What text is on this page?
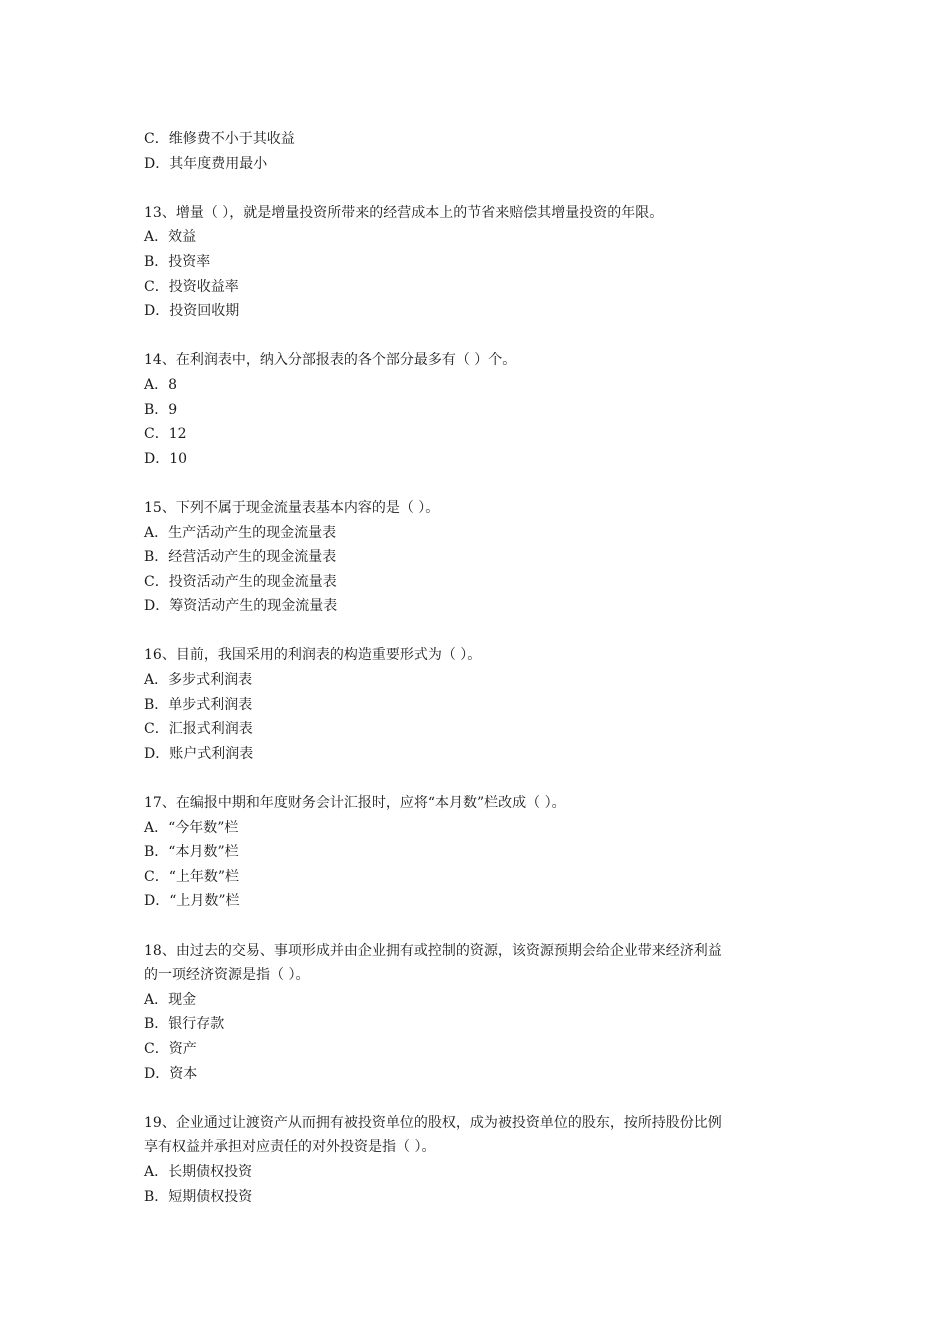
C．维修费不小于其收益
D．其年度费用最小
13、增量（ ），就是增量投资所带来的经营成本上的节省来赔偿其增量投资的年限。
A．效益
B．投资率
C．投资收益率
D．投资回收期
14、在利润表中，纳入分部报表的各个部分最多有（ ）个。
A．8
B．9
C．12
D．10
15、下列不属于现金流量表基本内容的是（ ）。
A．生产活动产生的现金流量表
B．经营活动产生的现金流量表
C．投资活动产生的现金流量表
D．筹资活动产生的现金流量表
16、目前，我国采用的利润表的构造重要形式为（ ）。
A．多步式利润表
B．单步式利润表
C．汇报式利润表
D．账户式利润表
17、在编报中期和年度财务会计汇报时，应将“本月数”栏改成（ ）。
A．“今年数”栏
B．“本月数”栏
C．“上年数”栏
D．“上月数”栏
18、由过去的交易、事项形成并由企业拥有或控制的资源，该资源预期会给企业带来经济利益
的一项经济资源是指（ ）。
A．现金
B．银行存款
C．资产
D．资本
19、企业通过让渡资产从而拥有被投资单位的股权，成为被投资单位的股东，按所持股份比例
享有权益并承担对应责任的对外投资是指（ ）。
A．长期债权投资
B．短期债权投资
